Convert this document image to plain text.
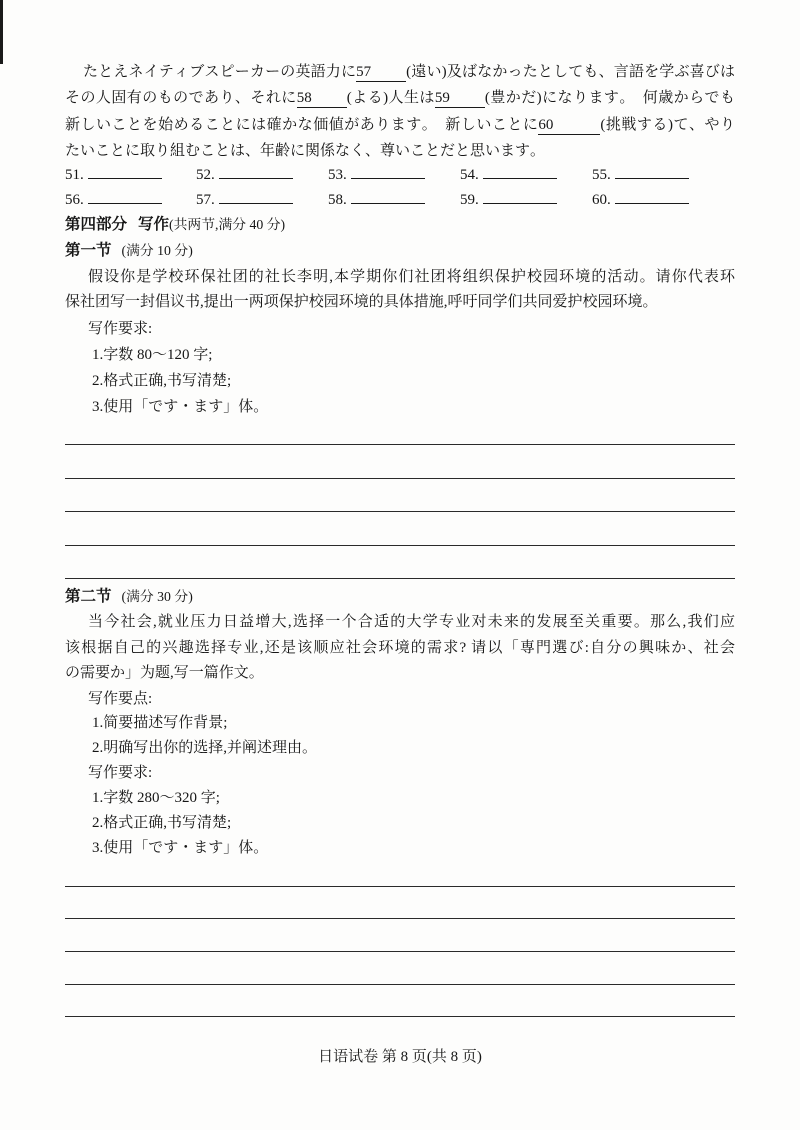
たとえネイティブスピーカーの英語力に57 (遠い)及ばなかったとしても、言語を学ぶ喜びは
その人固有のものであり、それに58 (よる)人生は59 (豊かだ)になります。　何歳からでも
新しいことを始めることには確かな価値があります。　新しいことに60	(挑戦する)て、やり
たいことに取り組むことは、年齢に関係なく、尊いことだと思います。
51.	52.	53.	54.	55.
56.	57.	58.	59.	60.
第四部分 写作(共两节,满分 40 分)
第一节 (满分 10 分)
假设你是学校环保社团的社长李明,本学期你们社团将组织保护校园环境的活动。请你代表环
保社团写一封倡议书,提出一两项保护校园环境的具体措施,呼吁同学们共同爱护校园环境。
写作要求:
1.字数 80～120 字;
2.格式正确,书写清楚;
3.使用「です・ます」体。
第二节 (满分 30 分)
当今社会,就业压力日益增大,选择一个合适的大学专业对未来的发展至关重要。那么,我们应
该根据自己的兴趣选择专业,还是该顺应社会环境的需求? 请以「専門選び:自分の興味か、社会
の需要か」为题,写一篇作文。
写作要点:
1.简要描述写作背景;
2.明确写出你的选择,并阐述理由。
写作要求:
1.字数 280～320 字;
2.格式正确,书写清楚;
3.使用「です・ます」体。
日语试卷 第 8 页(共 8 页)
